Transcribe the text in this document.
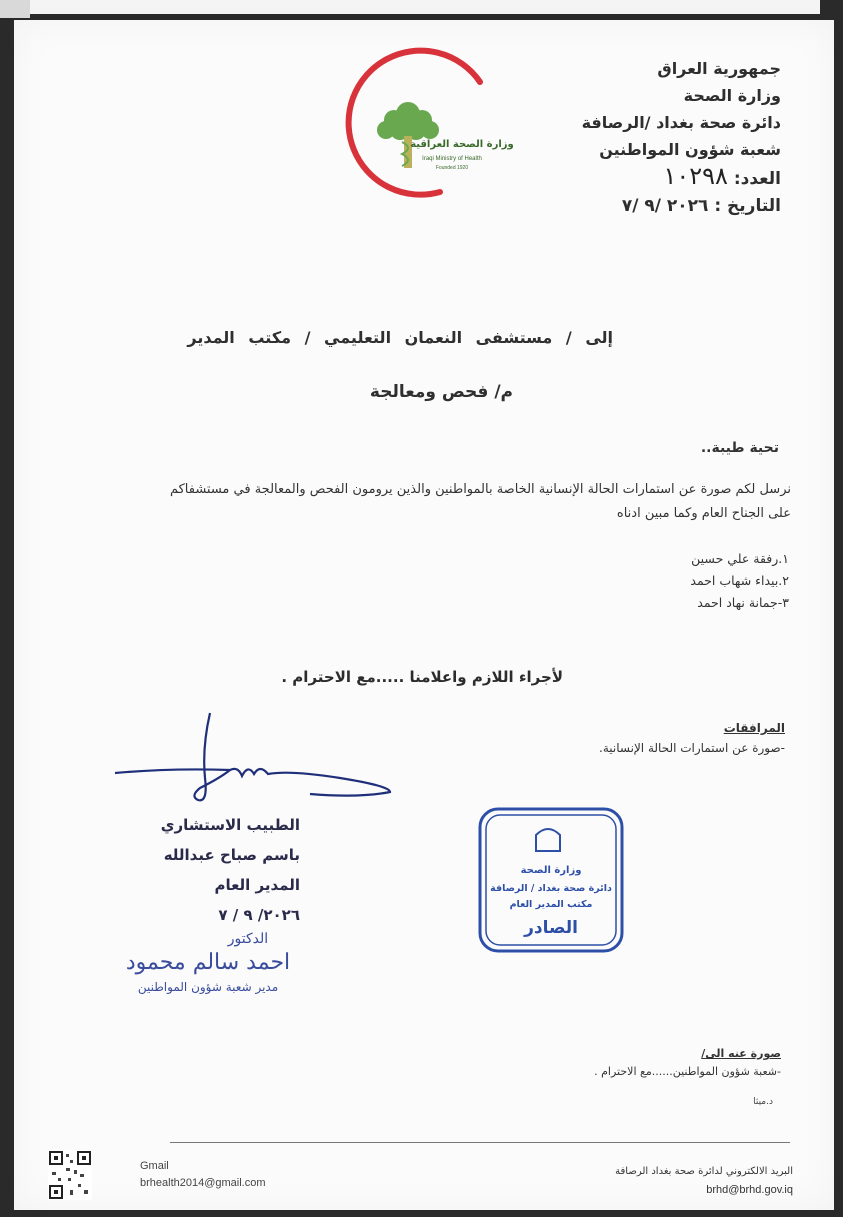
وزارة الصحة العراقية
Iraqi Ministry of Health
Founded 1920
جمهورية العراق
وزارة الصحة
دائرة صحة بغداد /الرصافة
شعبة شؤون المواطنين
العدد: ١٠٢٩٨
التاريخ : ٢٠٢٦ /٩ /٧
إلى / مستشفى النعمان التعليمي / مكتب المدير
م/ فحص ومعالجة
تحية طيبة..
نرسل لكم صورة عن استمارات الحالة الإنسانية الخاصة بالمواطنين والذين يرومون الفحص والمعالجة في مستشفاكم
على الجناح العام وكما مبين ادناه
١.رفقة علي حسين
٢.بيداء شهاب احمد
٣-جمانة نهاد احمد
لأجراء اللازم واعلامنا .....مع الاحترام .
المرافقات
-صورة عن استمارات الحالة الإنسانية.
الطبيب الاستشاري
باسم صباح عبدالله
المدير العام
٢٠٢٦/ ٩ / ٧
الدكتور
احمد سالم محمود
مدير شعبة شؤون المواطنين
وزارة الصحة
دائرة صحة بغداد / الرصافة
مكتب المدير العام
الصادر
صورة عنه الى/
-شعبة شؤون المواطنين......مع الاحترام .
د.ميثا
Gmail
brhealth2014@gmail.com
البريد الالكتروني لدائرة صحة بغداد الرصافة
brhd@brhd.gov.iq
